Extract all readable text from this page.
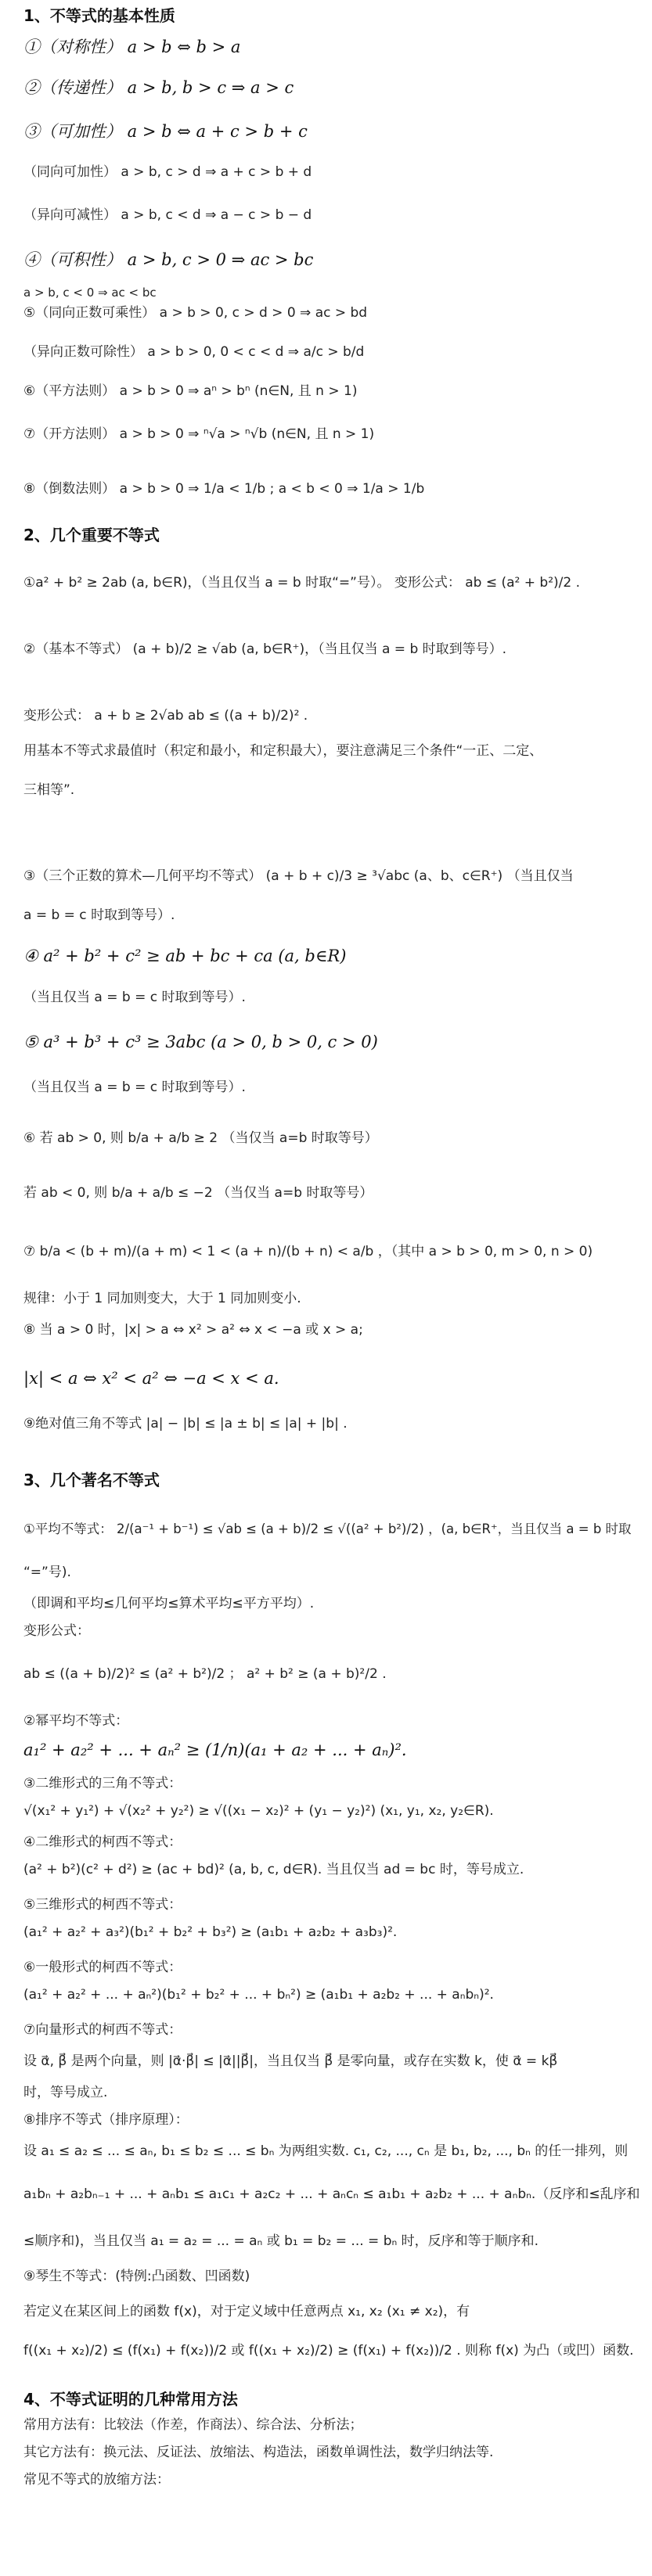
1、不等式的基本性质
①（对称性） a > b ⇔ b > a
②（传递性） a > b, b > c ⇒ a > c
③（可加性） a > b ⇔ a + c > b + c
（同向可加性） a > b, c > d ⇒ a + c > b + d
（异向可减性） a > b, c < d ⇒ a − c > b − d
④（可积性） a > b, c > 0 ⇒ ac > bc
a > b, c < 0 ⇒ ac < bc
⑤（同向正数可乘性） a > b > 0, c > d > 0 ⇒ ac > bd
（异向正数可除性） a > b > 0, 0 < c < d ⇒ a/c > b/d
⑥（平方法则） a > b > 0 ⇒ aⁿ > bⁿ (n∈N, 且 n > 1)
⑦（开方法则） a > b > 0 ⇒ ⁿ√a > ⁿ√b (n∈N, 且 n > 1)
⑧（倒数法则） a > b > 0 ⇒ 1/a < 1/b ; a < b < 0 ⇒ 1/a > 1/b
2、几个重要不等式
①a² + b² ≥ 2ab (a, b∈R)，（当且仅当 a = b 时取“=”号）。 变形公式： ab ≤ (a² + b²)/2 .
②（基本不等式） (a + b)/2 ≥ √ab (a, b∈R⁺)，（当且仅当 a = b 时取到等号）.
变形公式： a + b ≥ 2√ab ab ≤ ((a + b)/2)² .
用基本不等式求最值时（积定和最小，和定积最大），要注意满足三个条件“一正、二定、
三相等”.
③（三个正数的算术—几何平均不等式） (a + b + c)/3 ≥ ³√abc (a、b、c∈R⁺) （当且仅当
a = b = c 时取到等号）.
④ a² + b² + c² ≥ ab + bc + ca (a, b∈R)
（当且仅当 a = b = c 时取到等号）.
⑤ a³ + b³ + c³ ≥ 3abc (a > 0, b > 0, c > 0)
（当且仅当 a = b = c 时取到等号）.
⑥ 若 ab > 0, 则 b/a + a/b ≥ 2 （当仅当 a=b 时取等号）
若 ab < 0, 则 b/a + a/b ≤ −2 （当仅当 a=b 时取等号）
⑦ b/a < (b + m)/(a + m) < 1 < (a + n)/(b + n) < a/b ，（其中 a > b > 0, m > 0, n > 0)
规律：小于 1 同加则变大，大于 1 同加则变小.
⑧ 当 a > 0 时，|x| > a ⇔ x² > a² ⇔ x < −a 或 x > a;
|x| < a ⇔ x² < a² ⇔ −a < x < a.
⑨绝对值三角不等式 |a| − |b| ≤ |a ± b| ≤ |a| + |b| .
3、几个著名不等式
①平均不等式： 2/(a⁻¹ + b⁻¹) ≤ √ab ≤ (a + b)/2 ≤ √((a² + b²)/2) ，(a, b∈R⁺，当且仅当 a = b 时取
“=”号).
（即调和平均≤几何平均≤算术平均≤平方平均）.
变形公式：
ab ≤ ((a + b)/2)² ≤ (a² + b²)/2 ； a² + b² ≥ (a + b)²/2 .
②幂平均不等式：
a₁² + a₂² + ... + aₙ² ≥ (1/n)(a₁ + a₂ + ... + aₙ)².
③二维形式的三角不等式：
√(x₁² + y₁²) + √(x₂² + y₂²) ≥ √((x₁ − x₂)² + (y₁ − y₂)²) (x₁, y₁, x₂, y₂∈R).
④二维形式的柯西不等式：
(a² + b²)(c² + d²) ≥ (ac + bd)² (a, b, c, d∈R). 当且仅当 ad = bc 时，等号成立.
⑤三维形式的柯西不等式：
(a₁² + a₂² + a₃²)(b₁² + b₂² + b₃²) ≥ (a₁b₁ + a₂b₂ + a₃b₃)².
⑥一般形式的柯西不等式：
(a₁² + a₂² + ... + aₙ²)(b₁² + b₂² + ... + bₙ²) ≥ (a₁b₁ + a₂b₂ + ... + aₙbₙ)².
⑦向量形式的柯西不等式：
设 α⃗, β⃗ 是两个向量，则 |α⃗·β⃗| ≤ |α⃗||β⃗|，当且仅当 β⃗ 是零向量，或存在实数 k，使 α⃗ = kβ⃗
时，等号成立.
⑧排序不等式（排序原理）：
设 a₁ ≤ a₂ ≤ ... ≤ aₙ, b₁ ≤ b₂ ≤ ... ≤ bₙ 为两组实数. c₁, c₂, ..., cₙ 是 b₁, b₂, ..., bₙ 的任一排列，则
a₁bₙ + a₂bₙ₋₁ + ... + aₙb₁ ≤ a₁c₁ + a₂c₂ + ... + aₙcₙ ≤ a₁b₁ + a₂b₂ + ... + aₙbₙ.（反序和≤乱序和
≤顺序和)，当且仅当 a₁ = a₂ = ... = aₙ 或 b₁ = b₂ = ... = bₙ 时，反序和等于顺序和.
⑨琴生不等式：(特例:凸函数、凹函数)
若定义在某区间上的函数 f(x)，对于定义域中任意两点 x₁, x₂ (x₁ ≠ x₂)，有
f((x₁ + x₂)/2) ≤ (f(x₁) + f(x₂))/2 或 f((x₁ + x₂)/2) ≥ (f(x₁) + f(x₂))/2 . 则称 f(x) 为凸（或凹）函数.
4、不等式证明的几种常用方法
常用方法有：比较法（作差，作商法）、综合法、分析法；
其它方法有：换元法、反证法、放缩法、构造法，函数单调性法，数学归纳法等.
常见不等式的放缩方法：
